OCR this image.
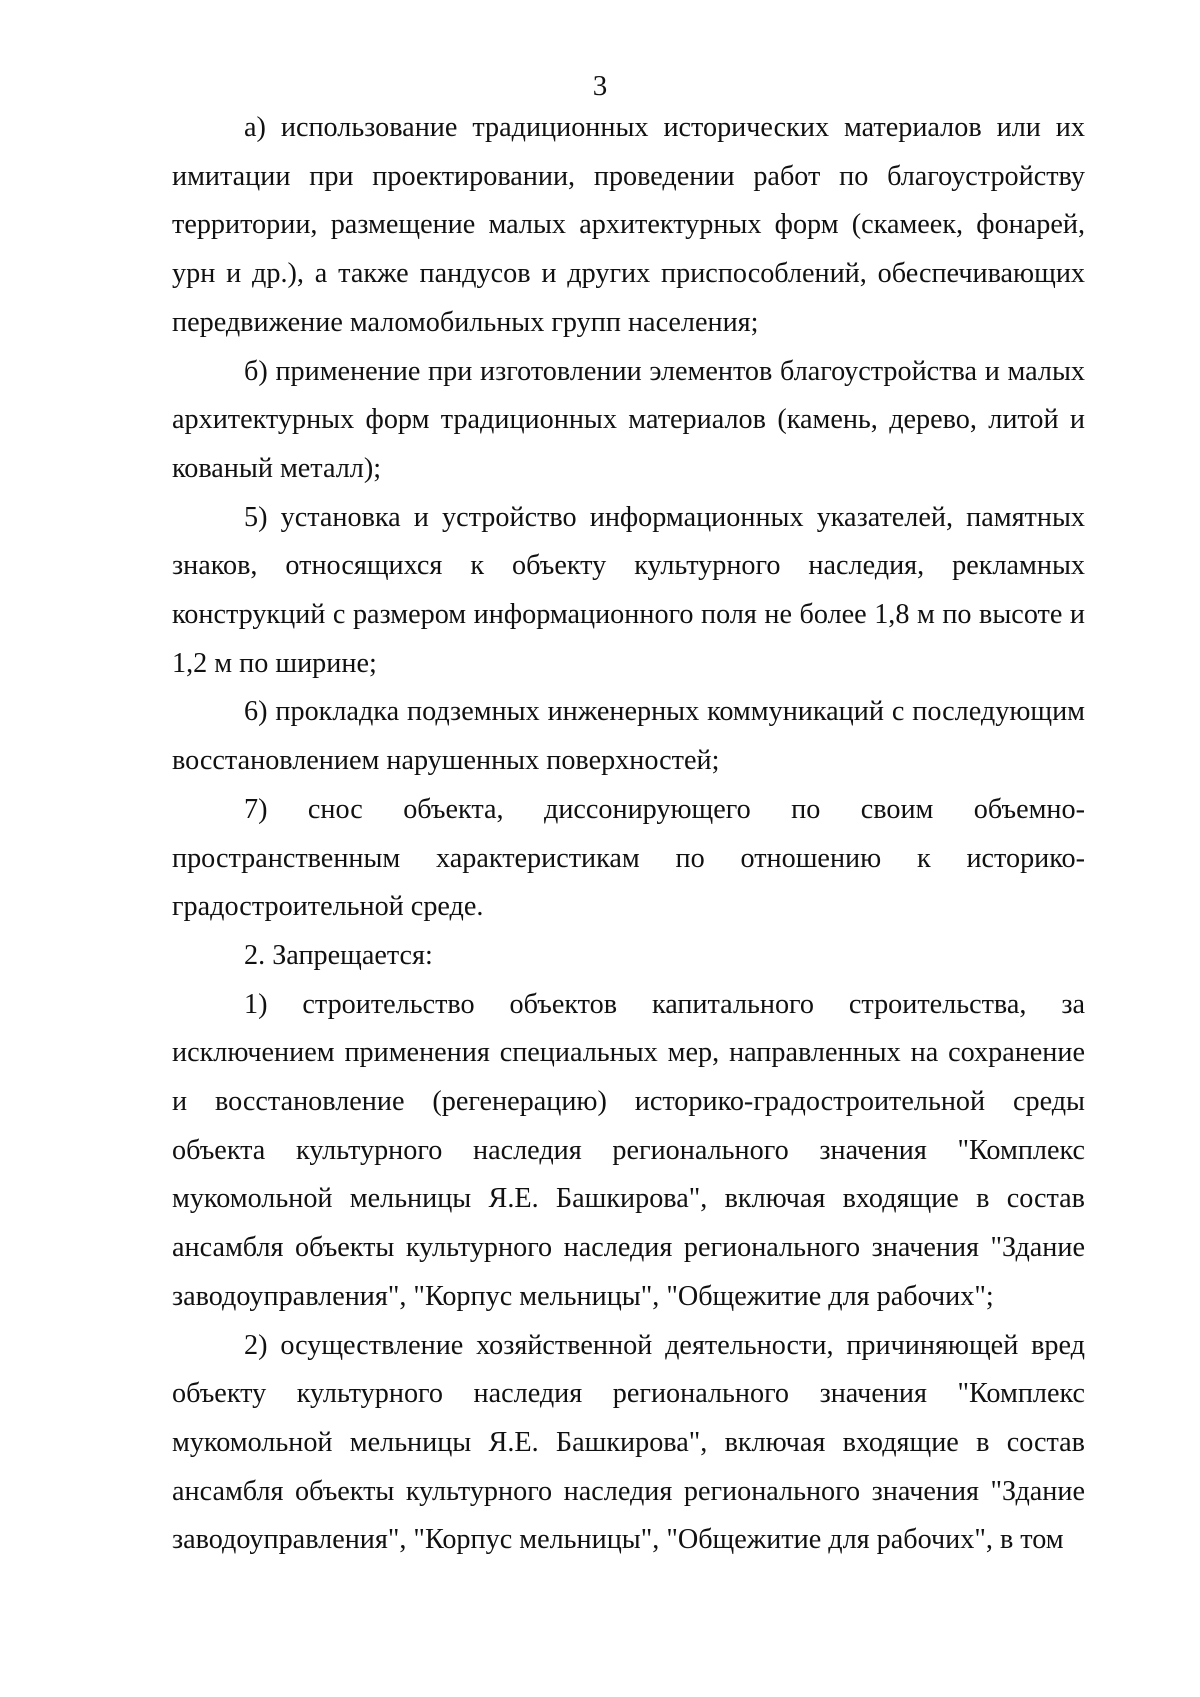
3

а) использование традиционных исторических материалов или их имитации при проектировании, проведении работ по благоустройству территории, размещение малых архитектурных форм (скамеек, фонарей, урн и др.), а также пандусов и других приспособлений, обеспечивающих передвижение маломобильных групп населения;

б) применение при изготовлении элементов благоустройства и малых архитектурных форм традиционных материалов (камень, дерево, литой и кованый металл);

5) установка и устройство информационных указателей, памятных знаков, относящихся к объекту культурного наследия, рекламных конструкций с размером информационного поля не более 1,8 м по высоте и 1,2 м по ширине;

6) прокладка подземных инженерных коммуникаций с последующим восстановлением нарушенных поверхностей;

7) снос объекта, диссонирующего по своим объемно-пространственным характеристикам по отношению к историко-градостроительной среде.

2. Запрещается:

1) строительство объектов капитального строительства, за исключением применения специальных мер, направленных на сохранение и восстановление (регенерацию) историко-градостроительной среды объекта культурного наследия регионального значения "Комплекс мукомольной мельницы Я.Е. Башкирова", включая входящие в состав ансамбля объекты культурного наследия регионального значения "Здание заводоуправления", "Корпус мельницы", "Общежитие для рабочих";

2) осуществление хозяйственной деятельности, причиняющей вред объекту культурного наследия регионального значения "Комплекс мукомольной мельницы Я.Е. Башкирова", включая входящие в состав ансамбля объекты культурного наследия регионального значения "Здание заводоуправления", "Корпус мельницы", "Общежитие для рабочих", в том
